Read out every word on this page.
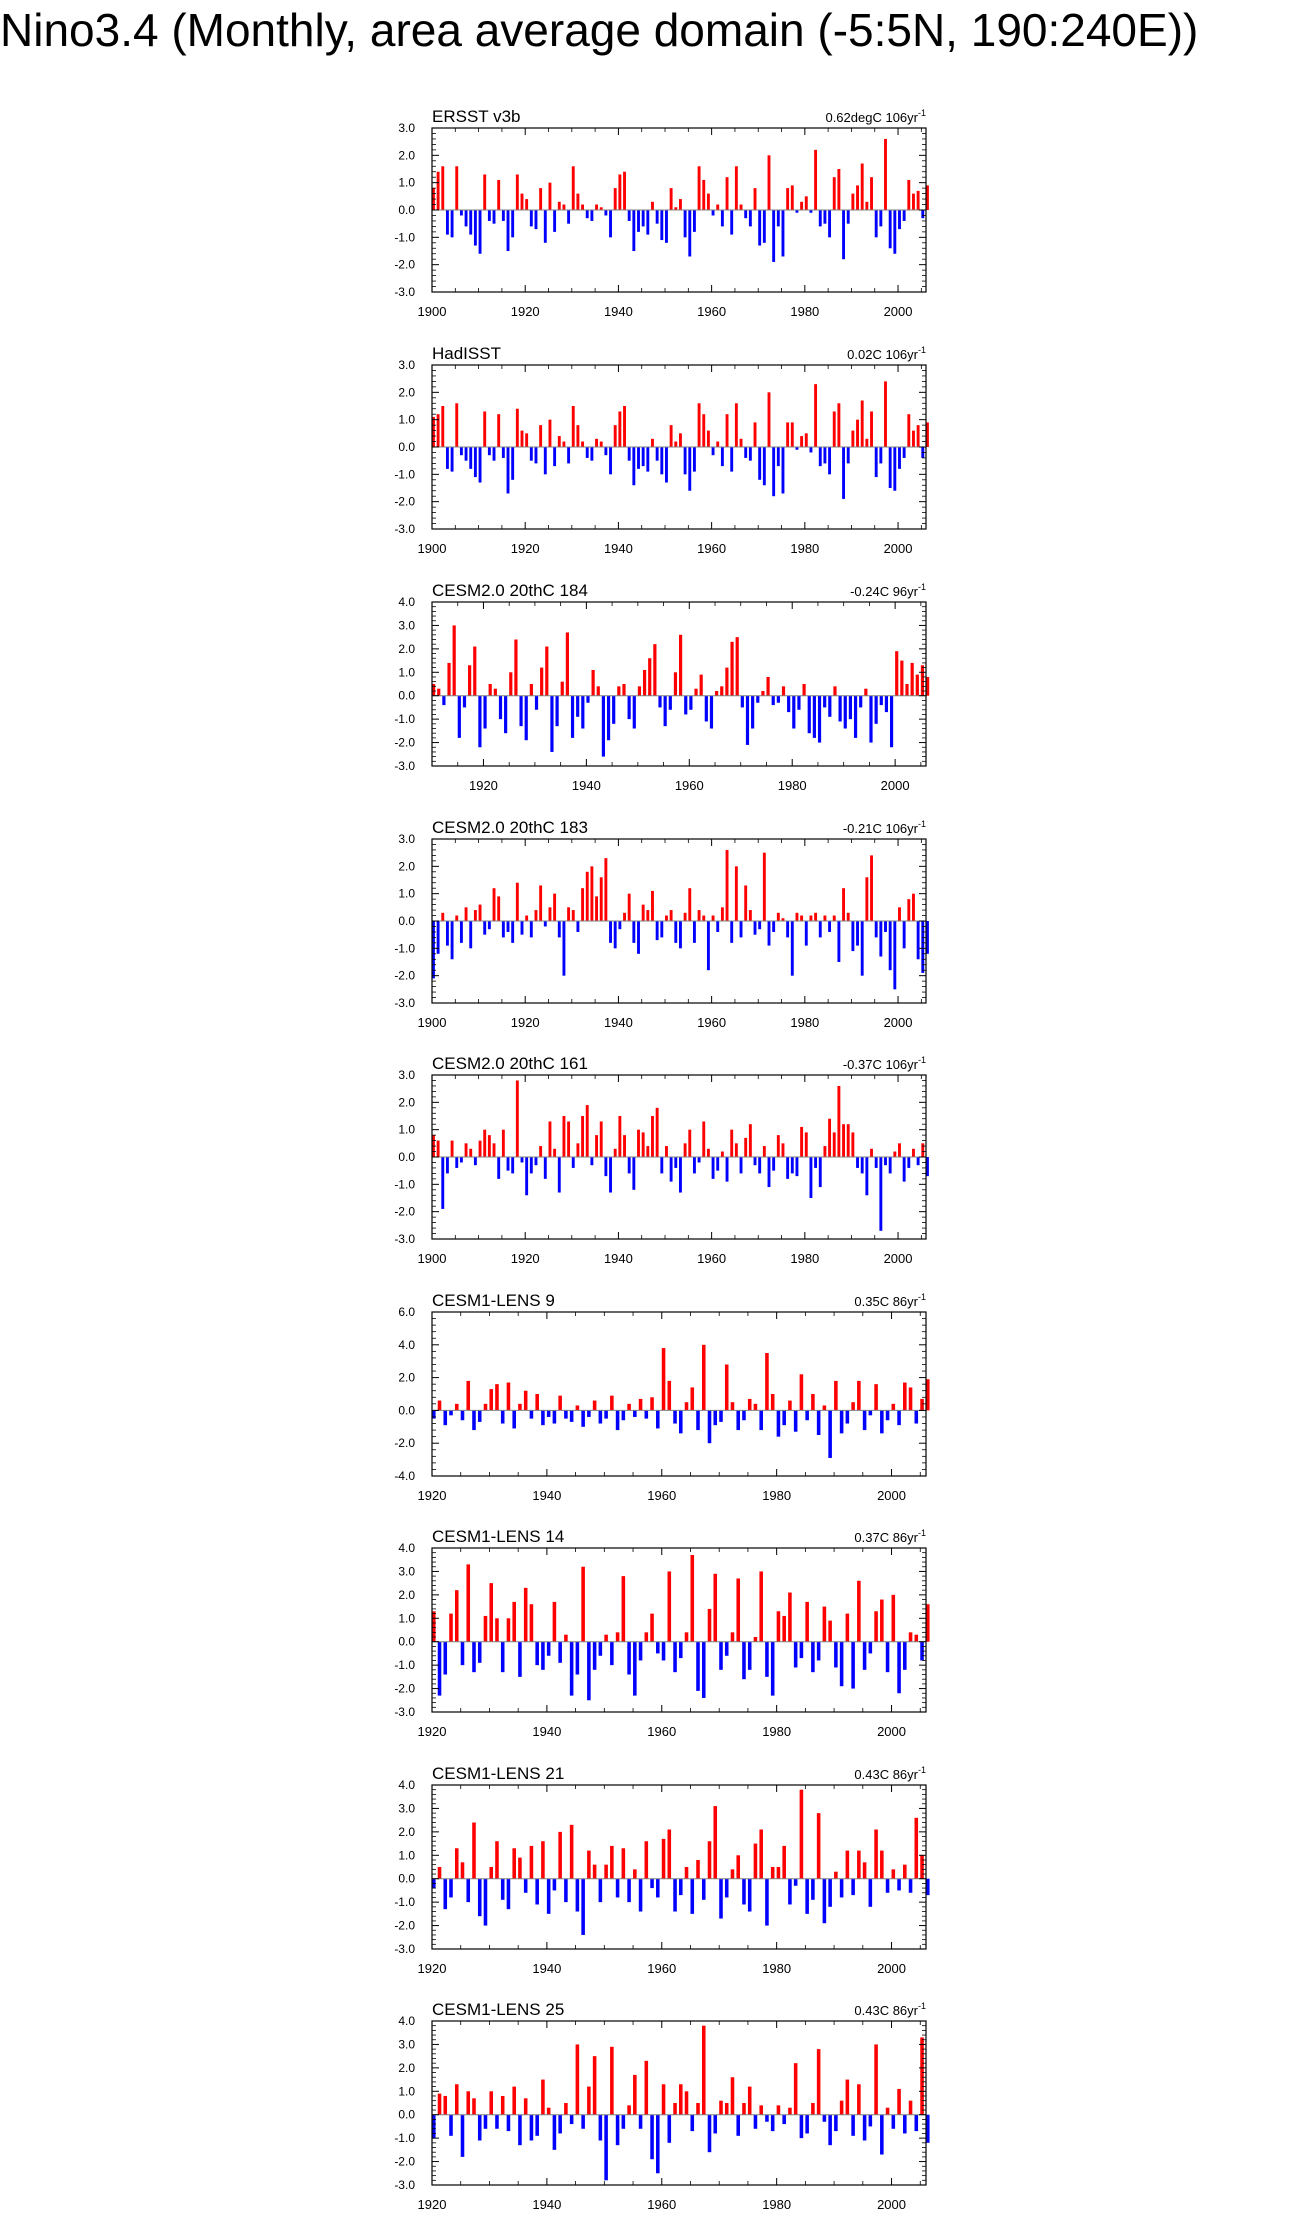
Nino3.4 (Monthly, area average domain (-5:5N, 190:240E))
ERSST v3b	0.62degC $106yr^{-1}$
-3.0
-2.0
-1.0
0.0
1.0
2.0
3.0
1900	1920	1940	1960	1980	2000
HadISST	0.02C $106yr^{-1}$
-3.0
-2.0
-1.0
0.0
1.0
2.0
3.0
1900	1920	1940	1960	1980	2000
CESM2.0 20thC 184	-0.24C $96yr^{-1}$
-3.0
-2.0
-1.0
0.0
1.0
2.0
3.0
4.0
1920	1940	1960	1980	2000
CESM2.0 20thC 183	-0.21C $106yr^{-1}$
-3.0
-2.0
-1.0
0.0
1.0
2.0
3.0
1900	1920	1940	1960	1980	2000
CESM2.0 20thC 161	-0.37C $106yr^{-1}$
-3.0
-2.0
-1.0
0.0
1.0
2.0
3.0
1900	1920	1940	1960	1980	2000
CESM1-LENS 9	0.35C $86yr^{-1}$
-4.0
-2.0
0.0
2.0
4.0
6.0
1920	1940	1960	1980	2000
CESM1-LENS 14	0.37C $86yr^{-1}$
-3.0
-2.0
-1.0
0.0
1.0
2.0
3.0
4.0
1920	1940	1960	1980	2000
CESM1-LENS 21	0.43C $86yr^{-1}$
-3.0
-2.0
-1.0
0.0
1.0
2.0
3.0
4.0
1920	1940	1960	1980	2000
CESM1-LENS 25	0.43C $86yr^{-1}$
-3.0
-2.0
-1.0
0.0
1.0
2.0
3.0
4.0
1920	1940	1960	1980	2000
